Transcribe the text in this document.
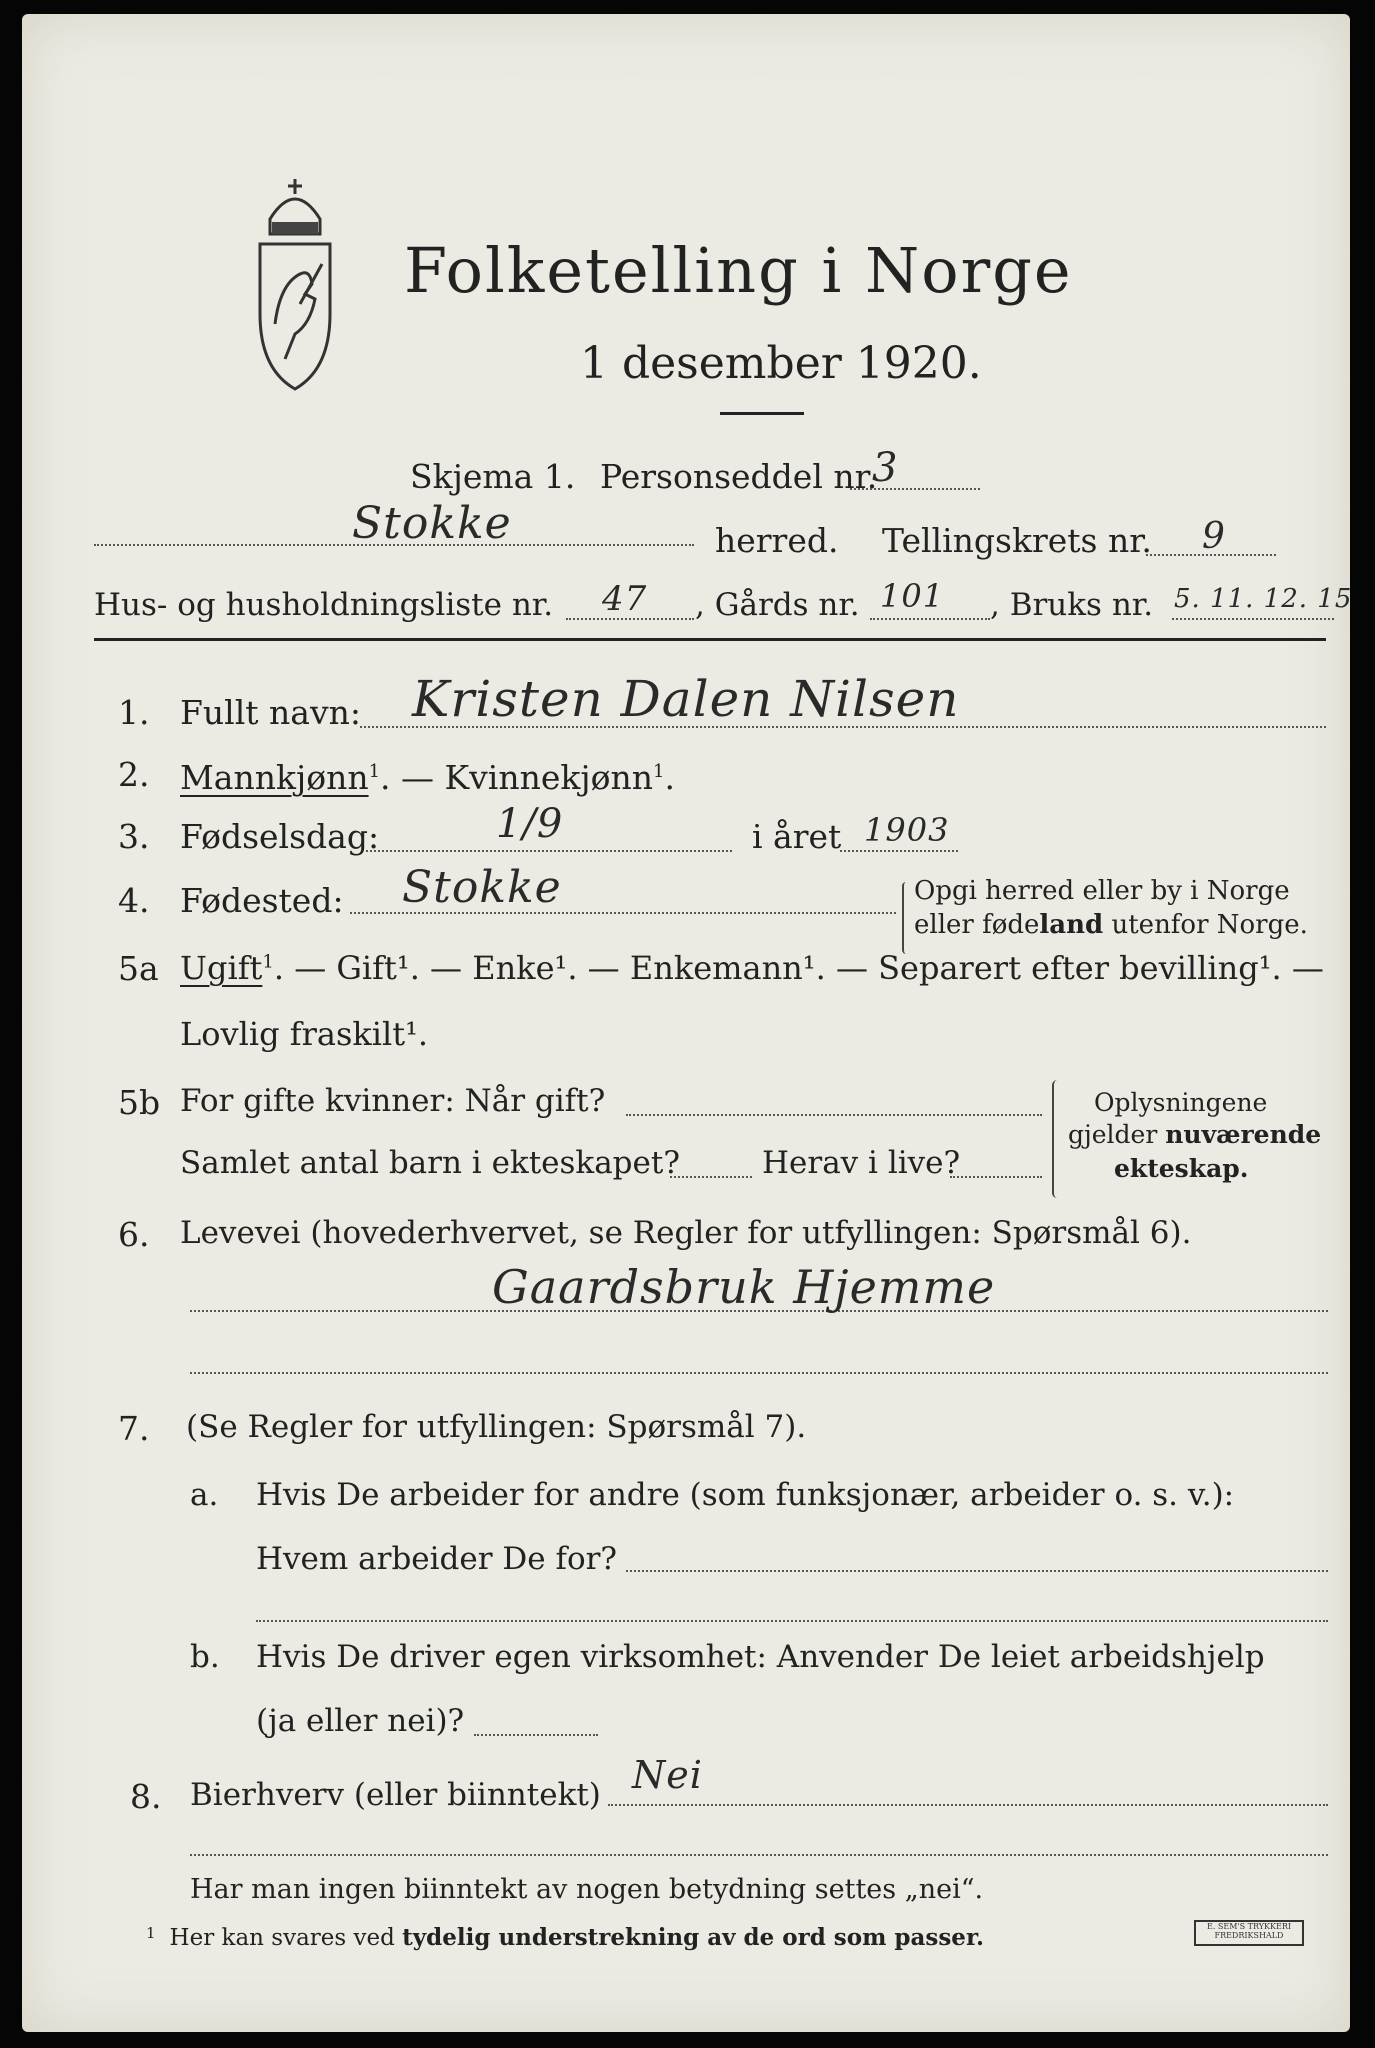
Folketelling i Norge
1 desember 1920.
Skjema 1. Personseddel nr.
3
Stokke	herred. Tellingskrets nr. 9
Hus- og husholdningsliste nr. 47 , Gårds nr. 101 , Bruks nr. 5. 11. 12. 15
1. Fullt navn: Kristen Dalen Nilsen
2. Mannkjønn$^1$. — Kvinnekjønn$^1$.
3. Fødselsdag:	1/9	i året 1903
4. Fødested: Stokke	Opgi herred eller by i Norge
eller fødeland utenfor Norge.
5a Ugift$^1$. — Gift¹. — Enke¹. — Enkemann¹. — Separert efter bevilling¹. —
Lovlig fraskilt¹.
5b For gifte kvinner: Når gift?
Samlet antal barn i ekteskapet?	Herav i live?
Oplysningene
gjelder nuværende
ekteskap.
6. Levevei (hovederhvervet, se Regler for utfyllingen: Spørsmål 6).
Gaardsbruk Hjemme
7. (Se Regler for utfyllingen: Spørsmål 7).
a. Hvis De arbeider for andre (som funksjonær, arbeider o. s. v.):
Hvem arbeider De for?
b. Hvis De driver egen virksomhet: Anvender De leiet arbeidshjelp
(ja eller nei)?
8. Bierhverv (eller biinntekt) Nei
Har man ingen biinntekt av nogen betydning settes „nei“.
$^1$ Her kan svares ved tydelig understrekning av de ord som passer.	E. SEM'S TRYKKERI
FREDRIKSHALD
